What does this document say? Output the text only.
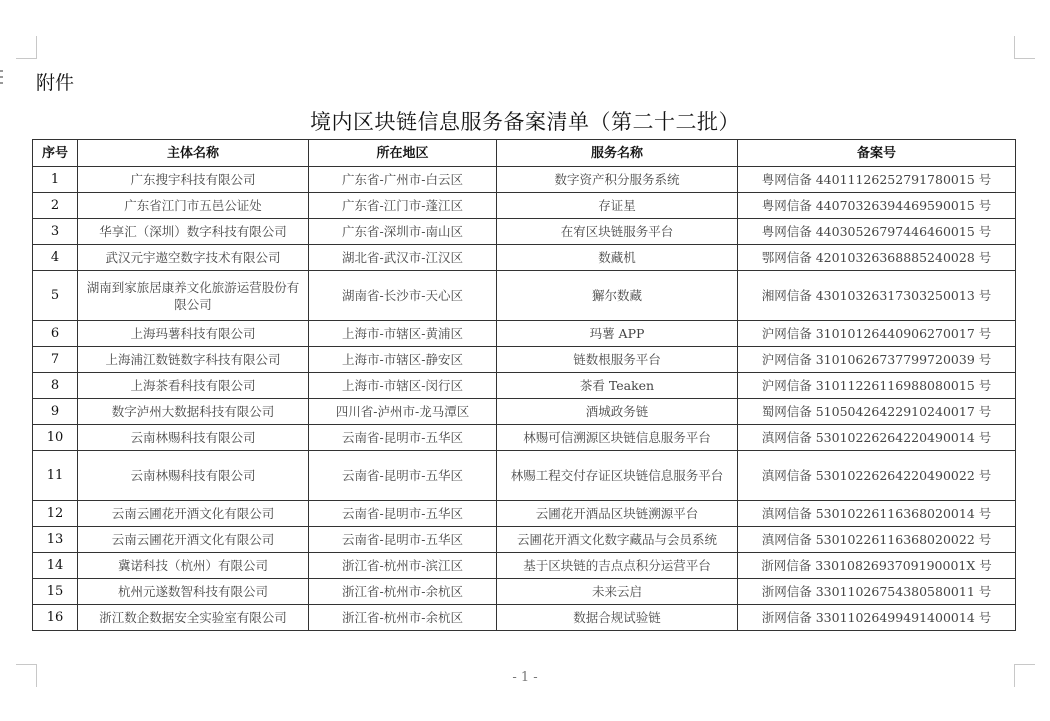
附件
境内区块链信息服务备案清单（第二十二批）
序号	主体名称	所在地区	服务名称	备案号
1	广东搜宇科技有限公司	广东省-广州市-白云区	数字资产积分服务系统	粤网信备 44011126252791780015 号
2	广东省江门市五邑公证处	广东省-江门市-蓬江区	存证星	粤网信备 44070326394469590015 号
3	华享汇（深圳）数字科技有限公司	广东省-深圳市-南山区	在宥区块链服务平台	粤网信备 44030526797446460015 号
4	武汉元宇遨空数字技术有限公司	湖北省-武汉市-江汉区	数藏机	鄂网信备 42010326368885240028 号
5	湖南到家旅居康养文化旅游运营股份有限公司	湖南省-长沙市-天心区	獬尔数藏	湘网信备 43010326317303250013 号
6	上海玛薯科技有限公司	上海市-市辖区-黄浦区	玛薯 APP	沪网信备 31010126440906270017 号
7	上海浦江数链数字科技有限公司	上海市-市辖区-静安区	链数根服务平台	沪网信备 31010626737799720039 号
8	上海茶看科技有限公司	上海市-市辖区-闵行区	茶看 Teaken	沪网信备 31011226116988080015 号
9	数字泸州大数据科技有限公司	四川省-泸州市-龙马潭区	酒城政务链	蜀网信备 51050426422910240017 号
10	云南林赐科技有限公司	云南省-昆明市-五华区	林赐可信溯源区块链信息服务平台	滇网信备 53010226264220490014 号
11	云南林赐科技有限公司	云南省-昆明市-五华区	林赐工程交付存证区块链信息服务平台	滇网信备 53010226264220490022 号
12	云南云圃花开酒文化有限公司	云南省-昆明市-五华区	云圃花开酒品区块链溯源平台	滇网信备 53010226116368020014 号
13	云南云圃花开酒文化有限公司	云南省-昆明市-五华区	云圃花开酒文化数字藏品与会员系统	滇网信备 53010226116368020022 号
14	冀诺科技（杭州）有限公司	浙江省-杭州市-滨江区	基于区块链的吉点点积分运营平台	浙网信备 3301082693709190001X 号
15	杭州元遂数智科技有限公司	浙江省-杭州市-余杭区	未来云启	浙网信备 33011026754380580011 号
16	浙江数企数据安全实验室有限公司	浙江省-杭州市-余杭区	数据合规试验链	浙网信备 33011026499491400014 号
- 1 -
